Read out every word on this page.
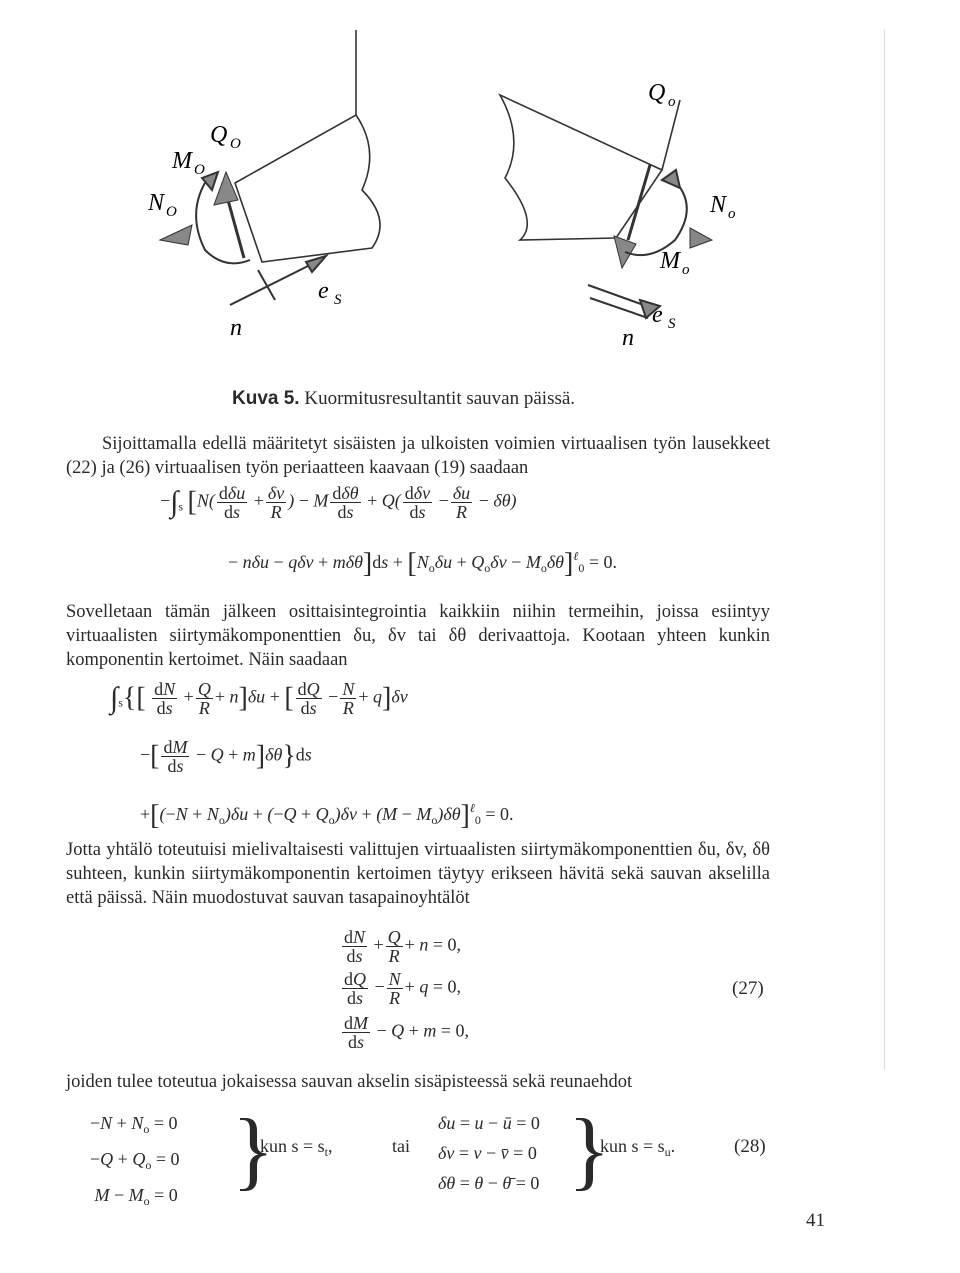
M O
Q O
N O
e S
n
Q o
N o
M o
e S
n
Kuva 5. Kuormitusresultantit sauvan päissä.
Sijoittamalla edellä määritetyt sisäisten ja ulkoisten voimien virtuaalisen työn lausekkeet (22) ja (26) virtuaalisen työn periaatteen kaavaan (19) saadaan
$-\int_s$ [$N( \frac{\text{dδu}}{ds} + \frac{\delta v}{R}$ ) − M $\frac{\text{dδθ}}{ds} + Q( \frac{\text{dδv}}{ds} - \frac{\delta u}{R} - \delta\theta)$
− $n\delta u - q\delta v + m\delta\theta]ds + [N_o\delta u + Q_o\delta v - M_o\delta\theta]^\ell_0 = 0$.
Sovelletaan tämän jälkeen osittaisintegrointia kaikkiin niihin termeihin, joissa esiintyy virtuaalisten siirtymäkomponenttien δu, δv tai δθ derivaattoja. Kootaan yhteen kunkin komponentin kertoimet. Näin saadaan
$\int_s\{[ \frac{dN}{ds} + \frac{Q}{R} + n]\delta u$ + [ $\frac{dQ}{ds} - \frac{N}{R} + q]\delta v$
−[ $\frac{dM}{ds} - Q + m]\delta\theta\}ds$
$+[(-N + N_o)\delta u + (-Q + Q_o)\delta v + (M - M_o)\delta\theta]^\ell_0 = 0$.
Jotta yhtälö toteutuisi mielivaltaisesti valittujen virtuaalisten siirtymäkomponenttien δu, δv, δθ suhteen, kunkin siirtymäkomponentin kertoimen täytyy erikseen hävitä sekä sauvan akselilla että päissä. Näin muodostuvat sauvan tasapainoyhtälöt
$\frac{dN}{ds} + \frac{Q}{R} + n = 0$,
$\frac{dQ}{ds} - \frac{N}{R} + q = 0$,
$\frac{dM}{ds} - Q + m = 0$,
(27)
joiden tulee toteutua jokaisessa sauvan akselin sisäpisteessä sekä reunaehdot
$-N + N_o = 0$
$-Q + Q_o = 0$
$M - M_o = 0$ }
kun $s = s_t$,	tai
δu = u − ū = 0
δv = v − v̄ = 0
δθ = θ − θ̄ = 0 }
kun $s = s_u$.	(28)
41
